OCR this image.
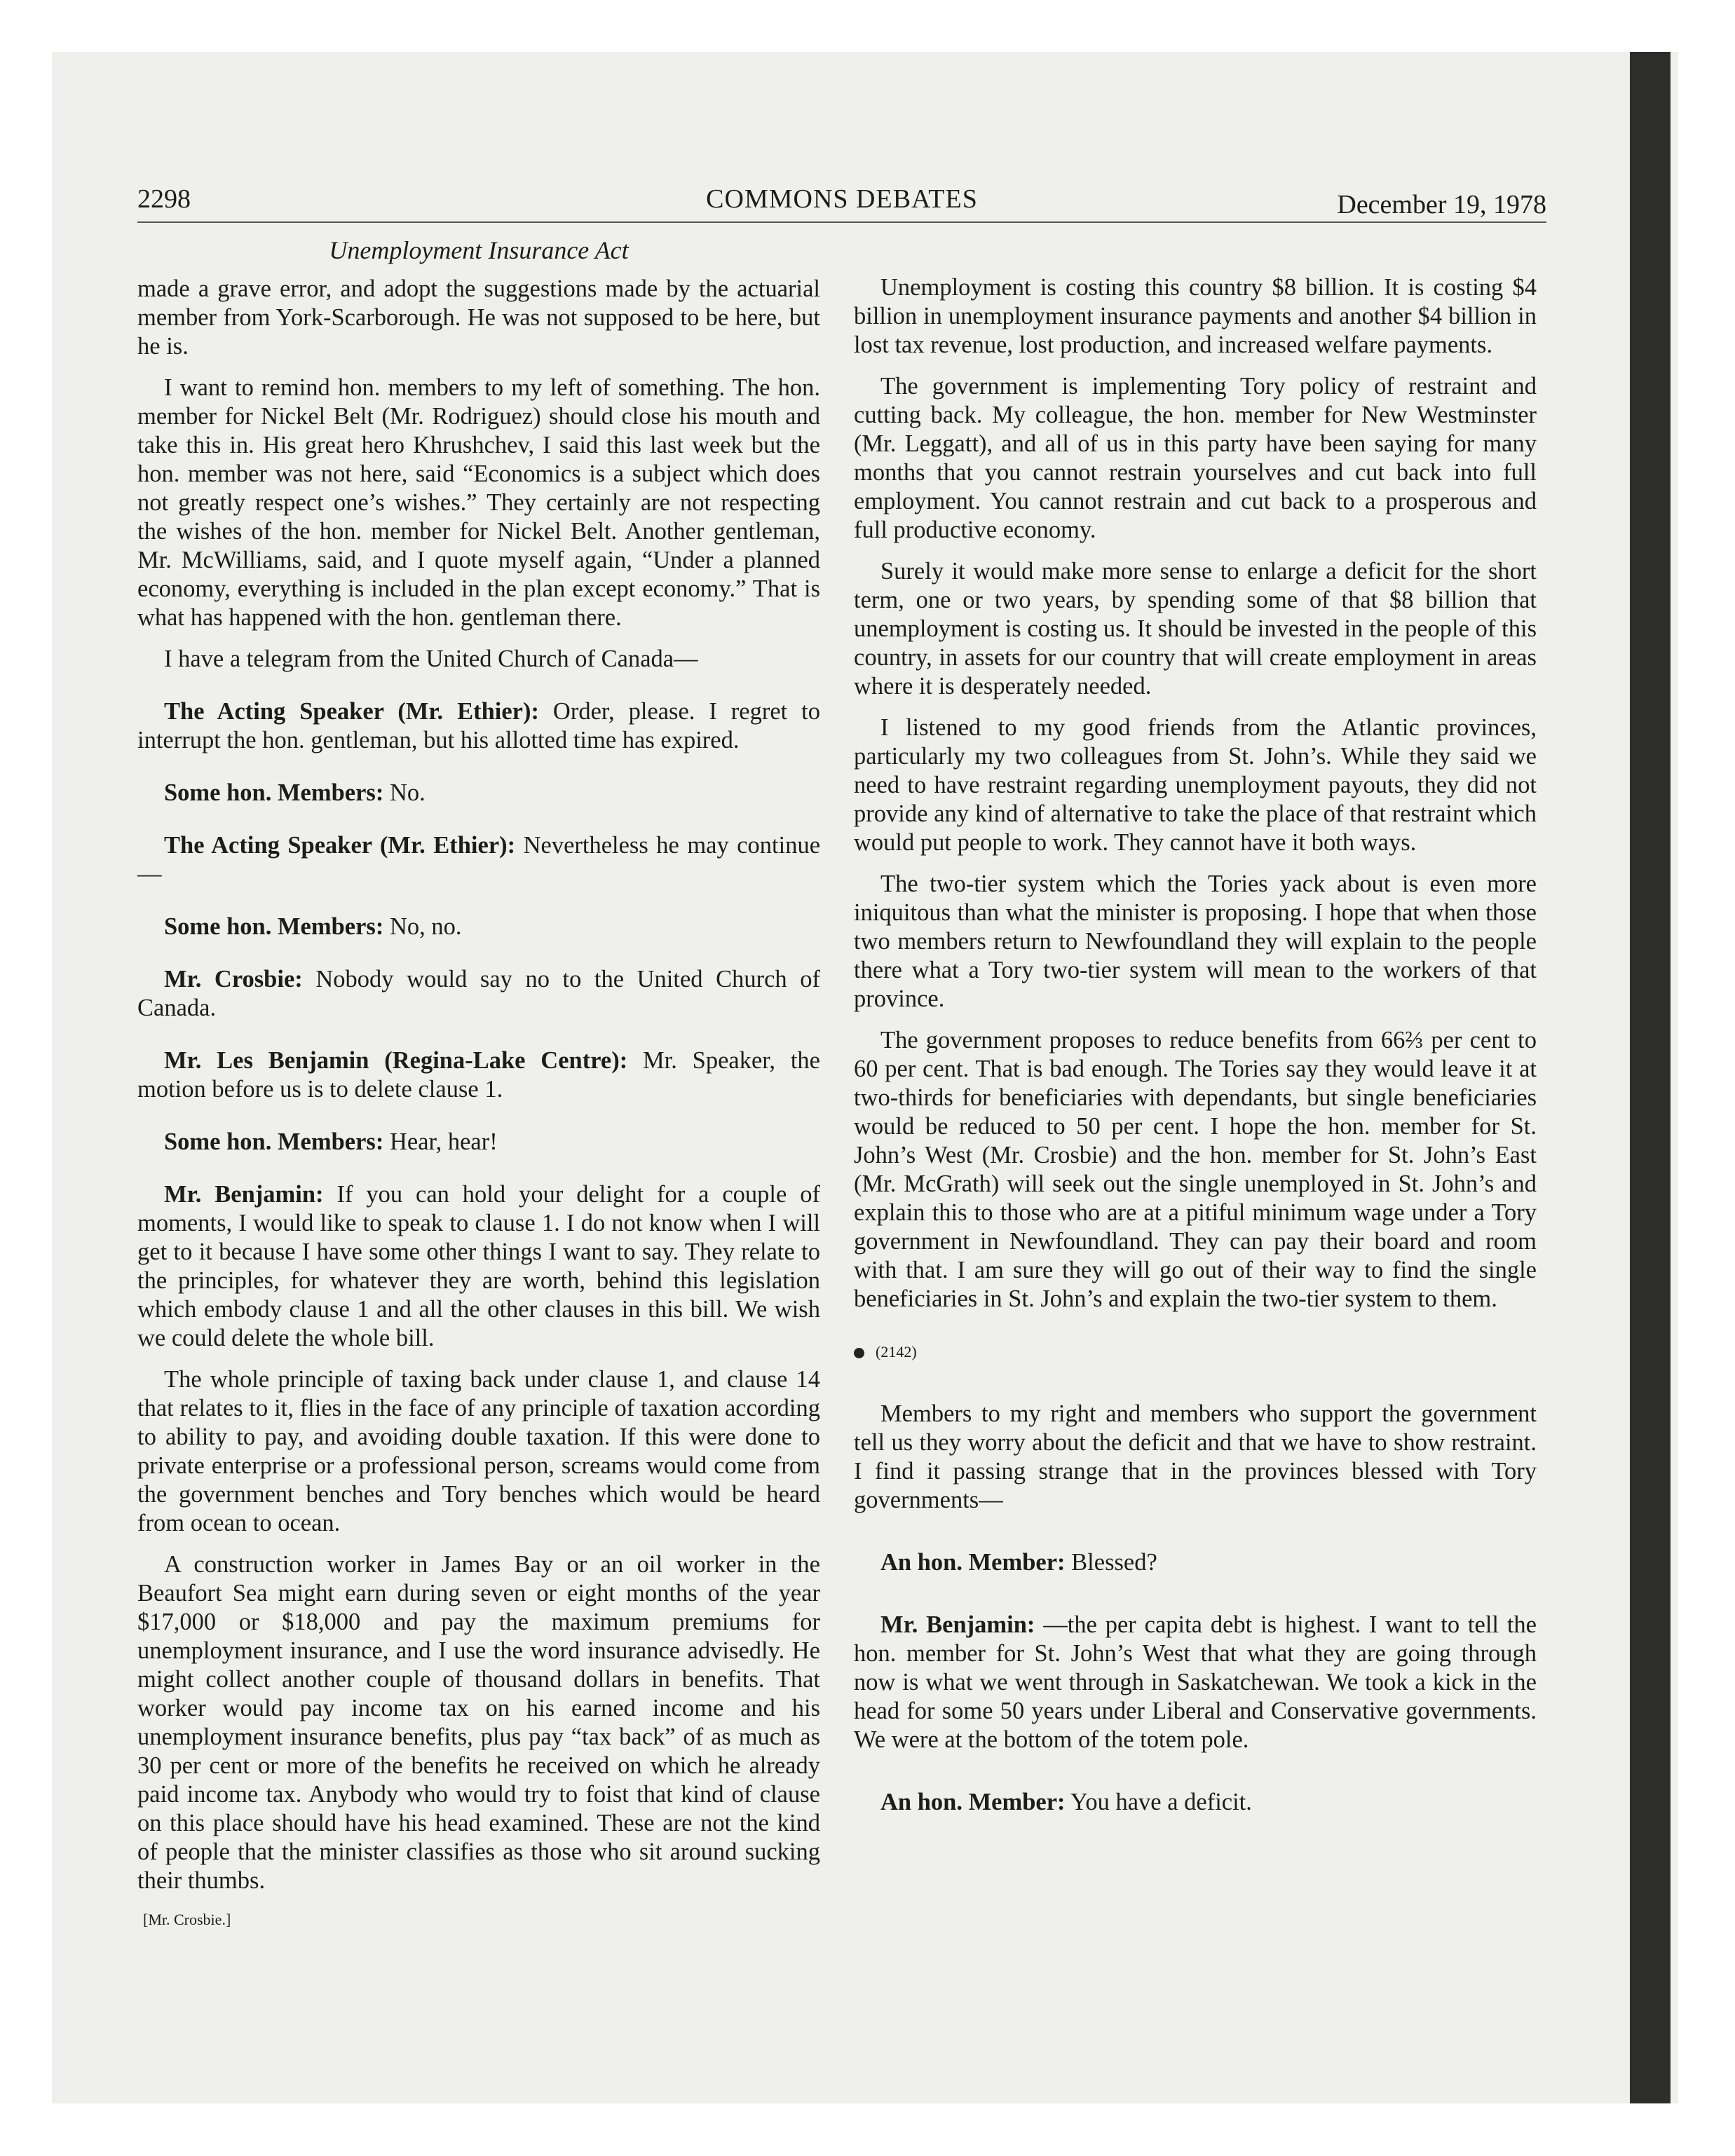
2298	COMMONS DEBATES	December 19, 1978
Unemployment Insurance Act

made a grave error, and adopt the suggestions made by the actuarial member from York-Scarborough. He was not supposed to be here, but he is.

I want to remind hon. members to my left of something. The hon. member for Nickel Belt (Mr. Rodriguez) should close his mouth and take this in. His great hero Khrushchev, I said this last week but the hon. member was not here, said “Economics is a subject which does not greatly respect one’s wishes.” They certainly are not respecting the wishes of the hon. member for Nickel Belt. Another gentleman, Mr. McWilliams, said, and I quote myself again, “Under a planned economy, everything is included in the plan except economy.” That is what has happened with the hon. gentleman there.

I have a telegram from the United Church of Canada—

The Acting Speaker (Mr. Ethier): Order, please. I regret to interrupt the hon. gentleman, but his allotted time has expired.

Some hon. Members: No.

The Acting Speaker (Mr. Ethier): Nevertheless he may continue—

Some hon. Members: No, no.

Mr. Crosbie: Nobody would say no to the United Church of Canada.

Mr. Les Benjamin (Regina-Lake Centre): Mr. Speaker, the motion before us is to delete clause 1.

Some hon. Members: Hear, hear!

Mr. Benjamin: If you can hold your delight for a couple of moments, I would like to speak to clause 1. I do not know when I will get to it because I have some other things I want to say. They relate to the principles, for whatever they are worth, behind this legislation which embody clause 1 and all the other clauses in this bill. We wish we could delete the whole bill.

The whole principle of taxing back under clause 1, and clause 14 that relates to it, flies in the face of any principle of taxation according to ability to pay, and avoiding double taxation. If this were done to private enterprise or a professional person, screams would come from the government benches and Tory benches which would be heard from ocean to ocean.

A construction worker in James Bay or an oil worker in the Beaufort Sea might earn during seven or eight months of the year $17,000 or $18,000 and pay the maximum premiums for unemployment insurance, and I use the word insurance advisedly. He might collect another couple of thousand dollars in benefits. That worker would pay income tax on his earned income and his unemployment insurance benefits, plus pay “tax back” of as much as 30 per cent or more of the benefits he received on which he already paid income tax. Anybody who would try to foist that kind of clause on this place should have his head examined. These are not the kind of people that the minister classifies as those who sit around sucking their thumbs.

[Mr. Crosbie.]

Unemployment is costing this country $8 billion. It is costing $4 billion in unemployment insurance payments and another $4 billion in lost tax revenue, lost production, and increased welfare payments.

The government is implementing Tory policy of restraint and cutting back. My colleague, the hon. member for New Westminster (Mr. Leggatt), and all of us in this party have been saying for many months that you cannot restrain yourselves and cut back into full employment. You cannot restrain and cut back to a prosperous and full productive economy.

Surely it would make more sense to enlarge a deficit for the short term, one or two years, by spending some of that $8 billion that unemployment is costing us. It should be invested in the people of this country, in assets for our country that will create employment in areas where it is desperately needed.

I listened to my good friends from the Atlantic provinces, particularly my two colleagues from St. John’s. While they said we need to have restraint regarding unemployment payouts, they did not provide any kind of alternative to take the place of that restraint which would put people to work. They cannot have it both ways.

The two-tier system which the Tories yack about is even more iniquitous than what the minister is proposing. I hope that when those two members return to Newfoundland they will explain to the people there what a Tory two-tier system will mean to the workers of that province.

The government proposes to reduce benefits from 66⅔ per cent to 60 per cent. That is bad enough. The Tories say they would leave it at two-thirds for beneficiaries with dependants, but single beneficiaries would be reduced to 50 per cent. I hope the hon. member for St. John’s West (Mr. Crosbie) and the hon. member for St. John’s East (Mr. McGrath) will seek out the single unemployed in St. John’s and explain this to those who are at a pitiful minimum wage under a Tory government in Newfoundland. They can pay their board and room with that. I am sure they will go out of their way to find the single beneficiaries in St. John’s and explain the two-tier system to them.

(2142)

Members to my right and members who support the government tell us they worry about the deficit and that we have to show restraint. I find it passing strange that in the provinces blessed with Tory governments—

An hon. Member: Blessed?

Mr. Benjamin: —the per capita debt is highest. I want to tell the hon. member for St. John’s West that what they are going through now is what we went through in Saskatchewan. We took a kick in the head for some 50 years under Liberal and Conservative governments. We were at the bottom of the totem pole.

An hon. Member: You have a deficit.
